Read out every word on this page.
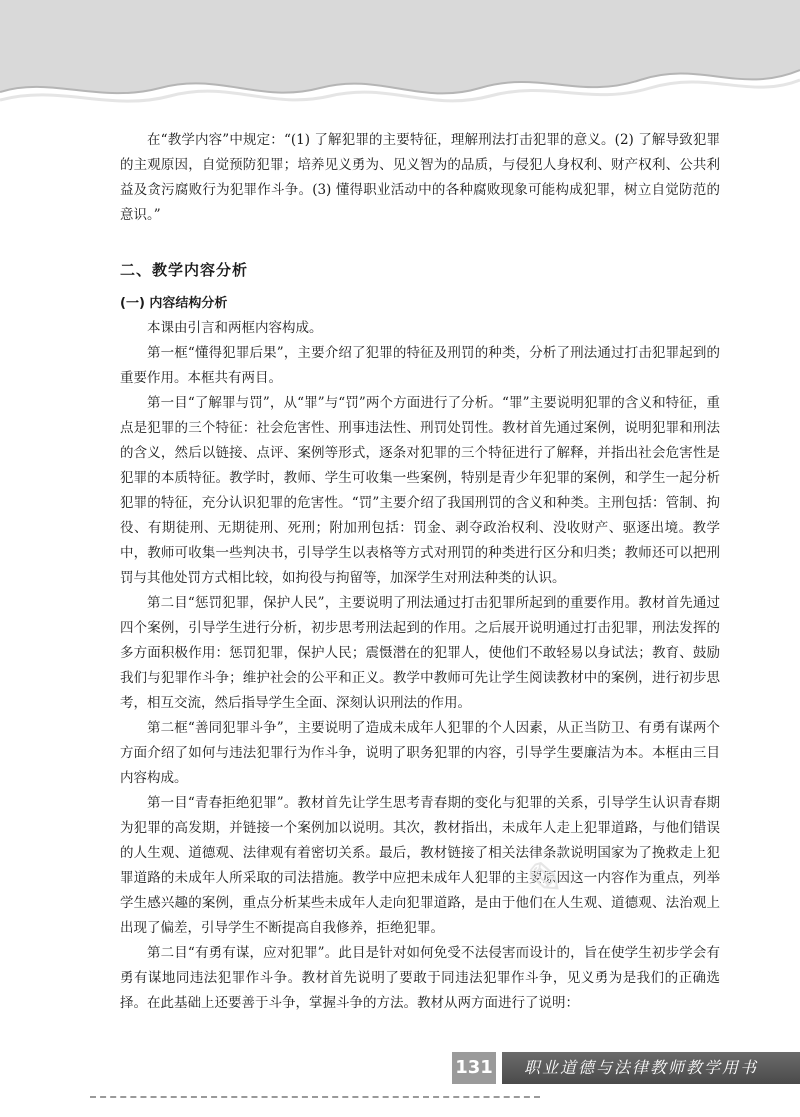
在“教学内容”中规定：“(1) 了解犯罪的主要特征，理解刑法打击犯罪的意义。(2) 了解导致犯罪的主观原因，自觉预防犯罪；培养见义勇为、见义智为的品质，与侵犯人身权利、财产权利、公共利益及贪污腐败行为犯罪作斗争。(3) 懂得职业活动中的各种腐败现象可能构成犯罪，树立自觉防范的意识。”

二、教学内容分析
(一) 内容结构分析

本课由引言和两框内容构成。

第一框“懂得犯罪后果”，主要介绍了犯罪的特征及刑罚的种类，分析了刑法通过打击犯罪起到的重要作用。本框共有两目。

第一目“了解罪与罚”，从“罪”与“罚”两个方面进行了分析。“罪”主要说明犯罪的含义和特征，重点是犯罪的三个特征：社会危害性、刑事违法性、刑罚处罚性。教材首先通过案例，说明犯罪和刑法的含义，然后以链接、点评、案例等形式，逐条对犯罪的三个特征进行了解释，并指出社会危害性是犯罪的本质特征。教学时，教师、学生可收集一些案例，特别是青少年犯罪的案例，和学生一起分析犯罪的特征，充分认识犯罪的危害性。“罚”主要介绍了我国刑罚的含义和种类。主刑包括：管制、拘役、有期徒刑、无期徒刑、死刑；附加刑包括：罚金、剥夺政治权利、没收财产、驱逐出境。教学中，教师可收集一些判决书，引导学生以表格等方式对刑罚的种类进行区分和归类；教师还可以把刑罚与其他处罚方式相比较，如拘役与拘留等，加深学生对刑法种类的认识。

第二目“惩罚犯罪，保护人民”，主要说明了刑法通过打击犯罪所起到的重要作用。教材首先通过四个案例，引导学生进行分析，初步思考刑法起到的作用。之后展开说明通过打击犯罪，刑法发挥的多方面积极作用：惩罚犯罪，保护人民；震慑潜在的犯罪人，使他们不敢轻易以身试法；教育、鼓励我们与犯罪作斗争；维护社会的公平和正义。教学中教师可先让学生阅读教材中的案例，进行初步思考，相互交流，然后指导学生全面、深刻认识刑法的作用。

第二框“善同犯罪斗争”，主要说明了造成未成年人犯罪的个人因素，从正当防卫、有勇有谋两个方面介绍了如何与违法犯罪行为作斗争，说明了职务犯罪的内容，引导学生要廉洁为本。本框由三目内容构成。

第一目“青春拒绝犯罪”。教材首先让学生思考青春期的变化与犯罪的关系，引导学生认识青春期为犯罪的高发期，并链接一个案例加以说明。其次，教材指出，未成年人走上犯罪道路，与他们错误的人生观、道德观、法律观有着密切关系。最后，教材链接了相关法律条款说明国家为了挽救走上犯罪道路的未成年人所采取的司法措施。教学中应把未成年人犯罪的主要原因这一内容作为重点，列举学生感兴趣的案例，重点分析某些未成年人走向犯罪道路，是由于他们在人生观、道德观、法治观上出现了偏差，引导学生不断提高自我修养，拒绝犯罪。

第二目“有勇有谋，应对犯罪”。此目是针对如何免受不法侵害而设计的，旨在使学生初步学会有勇有谋地同违法犯罪作斗争。教材首先说明了要敢于同违法犯罪作斗争，见义勇为是我们的正确选择。在此基础上还要善于斗争，掌握斗争的方法。教材从两方面进行了说明：

✎
131	职业道德与法律教师教学用书
